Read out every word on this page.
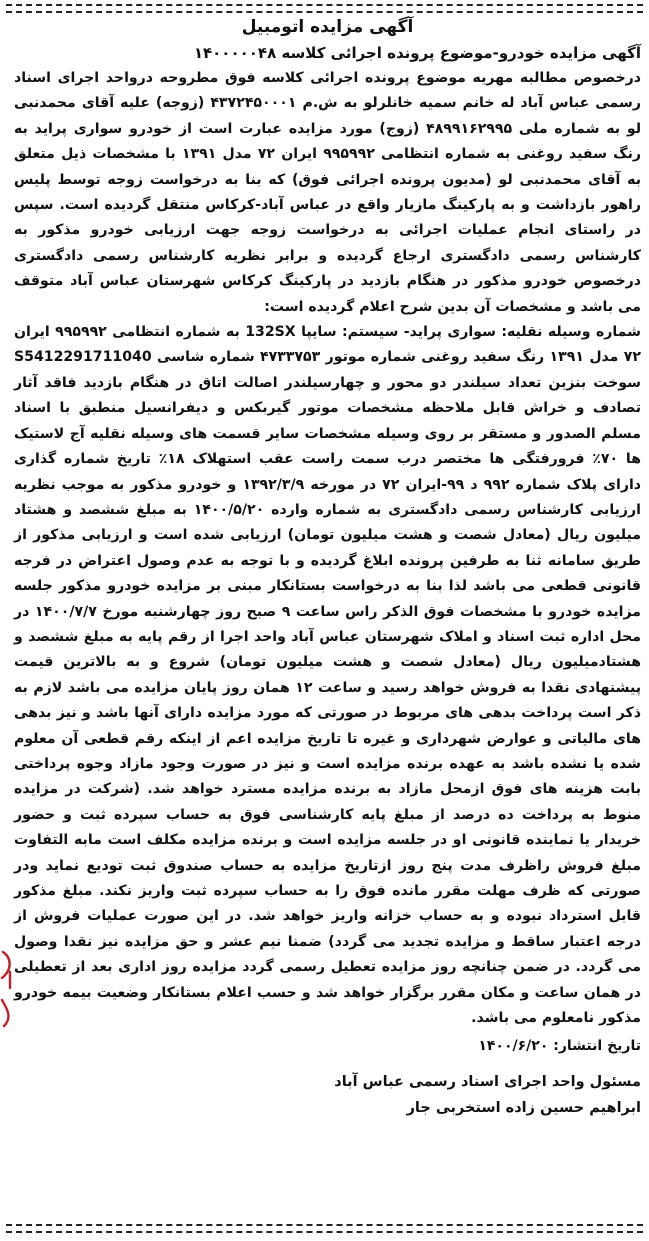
آگهی مزایده اتومبیل
آگهی مزایده خودرو-موضوع پرونده اجرائی کلاسه ۱۴۰۰۰۰۰۴۸

درخصوص مطالبه مهریه موضوع پرونده اجرائی کلاسه فوق مطروحه درواحد اجرای اسناد رسمی عباس آباد له خانم سمیه خانلرلو به ش.م ۴۳۷۲۴۵۰۰۰۱ (زوجه) علیه آقای محمدنبی لو به شماره ملی ۴۸۹۹۱۶۲۹۹۵ (زوج) مورد مزایده عبارت است از خودرو سواری پراید به رنگ سفید روغنی به شماره انتظامی ۹۹۵۹۹۲ ایران ۷۲ مدل ۱۳۹۱ با مشخصات ذیل متعلق به آقای محمدنبی لو (مدیون پرونده اجرائی فوق) که بنا به درخواست زوجه توسط پلیس راهور بازداشت و به پارکینگ مازیار واقع در عباس آباد-کرکاس منتقل گردیده است. سپس در راستای انجام عملیات اجرائی به درخواست زوجه جهت ارزیابی خودرو مذکور به کارشناس رسمی دادگستری ارجاع گردیده و برابر نظریه کارشناس رسمی دادگستری درخصوص خودرو مذکور در هنگام بازدید در پارکینگ کرکاس شهرستان عباس آباد متوقف می باشد و مشخصات آن بدین شرح اعلام گردیده است:

شماره وسیله نقلیه: سواری پراید- سیستم: سایپا 132SX به شماره انتظامی ۹۹۵۹۹۲ ایران ۷۲ مدل ۱۳۹۱ رنگ سفید روغنی شماره موتور ۴۷۳۳۷۵۳ شماره شاسی S5412291711040 سوخت بنزین تعداد سیلندر دو محور و چهارسیلندر اصالت اتاق در هنگام بازدید فاقد آثار تصادف و خراش قابل ملاحظه مشخصات موتور گیربکس و دیفرانسیل منطبق با اسناد مسلم الصدور و مستقر بر روی وسیله مشخصات سایر قسمت های وسیله نقلیه آج لاستیک ها ۷۰٪ فرورفتگی ها مختصر درب سمت راست عقب استهلاک ۱۸٪ تاریخ شماره گذاری دارای پلاک شماره ۹۹۲ د ۹۹-ایران ۷۲ در مورخه ۱۳۹۲/۳/۹ و خودرو مذکور به موجب نظریه ارزیابی کارشناس رسمی دادگستری به شماره وارده ۱۴۰۰/۵/۲۰ به مبلغ ششصد و هشتاد میلیون ریال (معادل شصت و هشت میلیون تومان) ارزیابی شده است و ارزیابی مذکور از طریق سامانه ثنا به طرفین پرونده ابلاغ گردیده و با توجه به عدم وصول اعتراض در فرجه قانونی قطعی می باشد لذا بنا به درخواست بستانکار مبنی بر مزایده خودرو مذکور جلسه مزایده خودرو با مشخصات فوق الذکر راس ساعت ۹ صبح روز چهارشنبه مورخ ۱۴۰۰/۷/۷ در محل اداره ثبت اسناد و املاک شهرستان عباس آباد واحد اجرا از رقم پایه به مبلغ ششصد و هشتادمیلیون ریال (معادل شصت و هشت میلیون تومان) شروع و به بالاترین قیمت پیشنهادی نقدا به فروش خواهد رسید و ساعت ۱۲ همان روز پایان مزایده می باشد لازم به ذکر است پرداخت بدهی های مربوط در صورتی که مورد مزایده دارای آنها باشد و نیز بدهی های مالیاتی و عوارض شهرداری و غیره تا تاریخ مزایده اعم از اینکه رقم قطعی آن معلوم شده یا نشده باشد به عهده برنده مزایده است و نیز در صورت وجود مازاد وجوه پرداختی بابت هزینه های فوق ازمحل مازاد به برنده مزایده مسترد خواهد شد. (شرکت در مزایده منوط به پرداخت ده درصد از مبلغ پایه کارشناسی فوق به حساب سپرده ثبت و حضور خریدار یا نماینده قانونی او در جلسه مزایده است و برنده مزایده مکلف است مابه التفاوت مبلغ فروش راظرف مدت پنج روز ازتاریخ مزایده به حساب صندوق ثبت تودیع نماید ودر صورتی که ظرف مهلت مقرر مانده فوق را به حساب سپرده ثبت واریز نکند. مبلغ مذکور قابل استرداد نبوده و به حساب خزانه واریز خواهد شد. در این صورت عملیات فروش از درجه اعتبار ساقط و مزایده تجدید می گردد) ضمنا نیم عشر و حق مزایده نیز نقدا وصول می گردد. در ضمن چنانچه روز مزایده تعطیل رسمی گردد مزایده روز اداری بعد از تعطیلی در همان ساعت و مکان مقرر برگزار خواهد شد و حسب اعلام بستانکار وضعیت بیمه خودرو مذکور نامعلوم می باشد.

تاریخ انتشار: ۱۴۰۰/۶/۲۰

مسئول واحد اجرای اسناد رسمی عباس آباد

ابراهیم حسین زاده استخربی جار
